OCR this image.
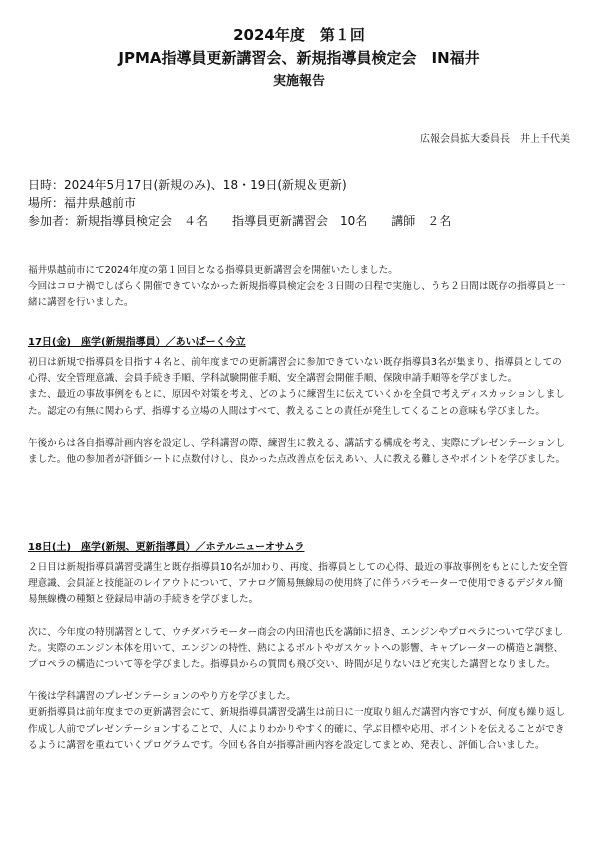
2024年度　第１回
JPMA指導員更新講習会、新規指導員検定会　IN福井
実施報告
広報会員拡大委員長　井上千代美
日時：2024年5月17日(新規のみ)、18・19日(新規＆更新)
場所：福井県越前市
参加者：新規指導員検定会　４名　　指導員更新講習会　10名　　講師　２名

福井県越前市にて2024年度の第１回目となる指導員更新講習会を開催いたしました。

今回はコロナ禍でしばらく開催できていなかった新規指導員検定会を３日間の日程で実施し、うち２日間は既存の指導員と一緒に講習を行いました。

17日(金)　座学(新規指導員）／あいぱーく今立

初日は新規で指導員を目指す４名と、前年度までの更新講習会に参加できていない既存指導員3名が集まり、指導員としての心得、安全管理意識、会員手続き手順、学科試験開催手順、安全講習会開催手順、保険申請手順等を学びました。

また、最近の事故事例をもとに、原因や対策を考え、どのように練習生に伝えていくかを全員で考えディスカッションしました。認定の有無に関わらず、指導する立場の人間はすべて、教えることの責任が発生してくることの意味も学びました。

午後からは各自指導計画内容を設定し、学科講習の際、練習生に教える、講話する構成を考え、実際にプレゼンテーションしました。他の参加者が評価シートに点数付けし、良かった点改善点を伝えあい、人に教える難しさやポイントを学びました。

18日(土)　座学(新規、更新指導員）／ホテルニューオサムラ

２日目は新規指導員講習受講生と既存指導員10名が加わり、再度、指導員としての心得、最近の事故事例をもとにした安全管理意識、会員証と技能証のレイアウトについて、アナログ簡易無線局の使用終了に伴うパラモーターで使用できるデジタル簡易無線機の種類と登録局申請の手続きを学びました。

次に、今年度の特別講習として、ウチダパラモーター商会の内田清也氏を講師に招き、エンジンやプロペラについて学びました。実際のエンジン本体を用いて、エンジンの特性、熱によるボルトやガスケットへの影響、キャブレーターの構造と調整、プロペラの構造について等を学びました。指導員からの質問も飛び交い、時間が足りないほど充実した講習となりました。

午後は学科講習のプレゼンテーションのやり方を学びました。

更新指導員は前年度までの更新講習会にて、新規指導員講習受講生は前日に一度取り組んだ講習内容ですが、何度も繰り返し作成し人前でプレゼンテーションすることで、人によりわかりやすく的確に、学ぶ目標や応用、ポイントを伝えることができるように講習を重ねていくプログラムです。今回も各自が指導計画内容を設定してまとめ、発表し、評価し合いました。
